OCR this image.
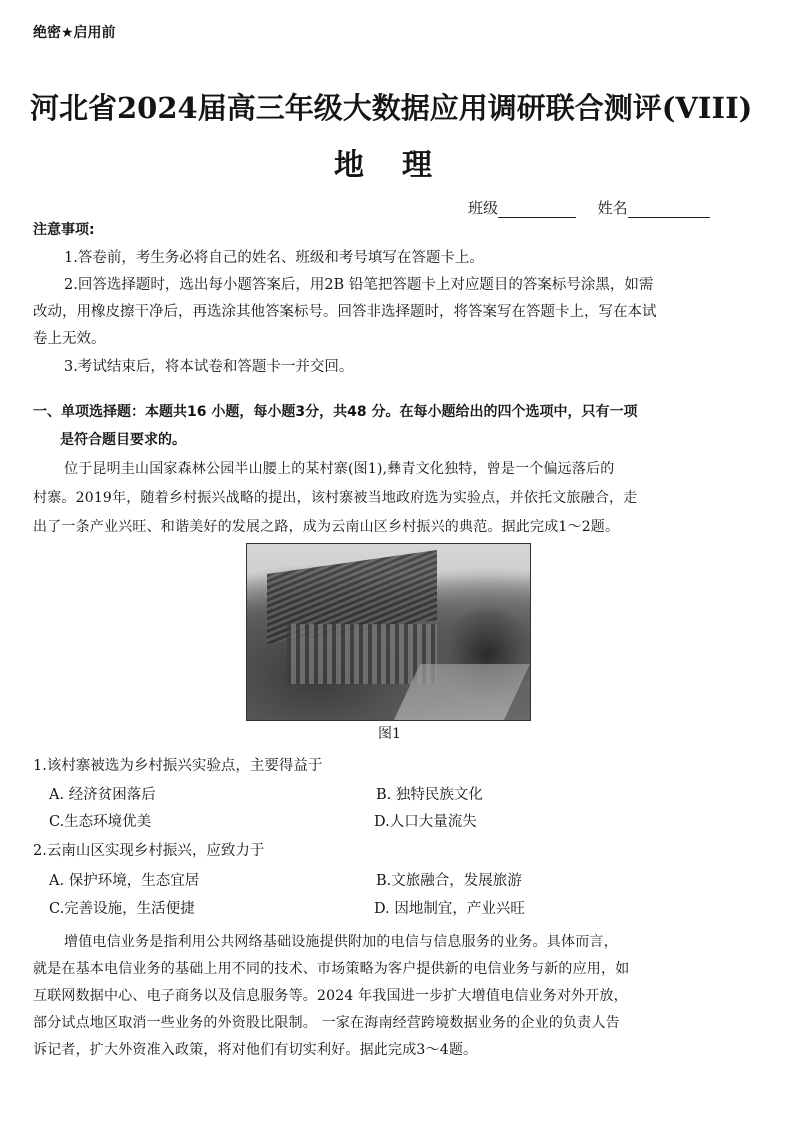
绝密★启用前
河北省2024届高三年级大数据应用调研联合测评(VIII)
地理
班级	姓名
注意事项:
1.答卷前，考生务必将自己的姓名、班级和考号填写在答题卡上。
2.回答选择题时，选出每小题答案后，用2B 铅笔把答题卡上对应题目的答案标号涂黑，如需
改动，用橡皮擦干净后，再选涂其他答案标号。回答非选择题时，将答案写在答题卡上，写在本试
卷上无效。
3.考试结束后，将本试卷和答题卡一并交回。
一、单项选择题：本题共16 小题，每小题3分，共48 分。在每小题给出的四个选项中，只有一项
是符合题目要求的。
位于昆明圭山国家森林公园半山腰上的某村寨(图1),彝青文化独特，曾是一个偏远落后的
村寨。2019年，随着乡村振兴战略的提出，该村寨被当地政府选为实验点，并依托文旅融合，走
出了一条产业兴旺、和谐美好的发展之路，成为云南山区乡村振兴的典范。据此完成1～2题。
图1
1.该村寨被选为乡村振兴实验点，主要得益于
A. 经济贫困落后	B. 独特民族文化
C.生态环境优美	D.人口大量流失
2.云南山区实现乡村振兴，应致力于
A. 保护环境，生态宜居	B.文旅融合，发展旅游
C.完善设施，生活便捷	D. 因地制宜，产业兴旺
增值电信业务是指利用公共网络基础设施提供附加的电信与信息服务的业务。具体而言，
就是在基本电信业务的基础上用不同的技术、市场策略为客户提供新的电信业务与新的应用，如
互联网数据中心、电子商务以及信息服务等。2024 年我国进一步扩大增值电信业务对外开放，
部分试点地区取消一些业务的外资股比限制。 一家在海南经营跨境数据业务的企业的负责人告
诉记者，扩大外资准入政策，将对他们有切实利好。据此完成3～4题。
